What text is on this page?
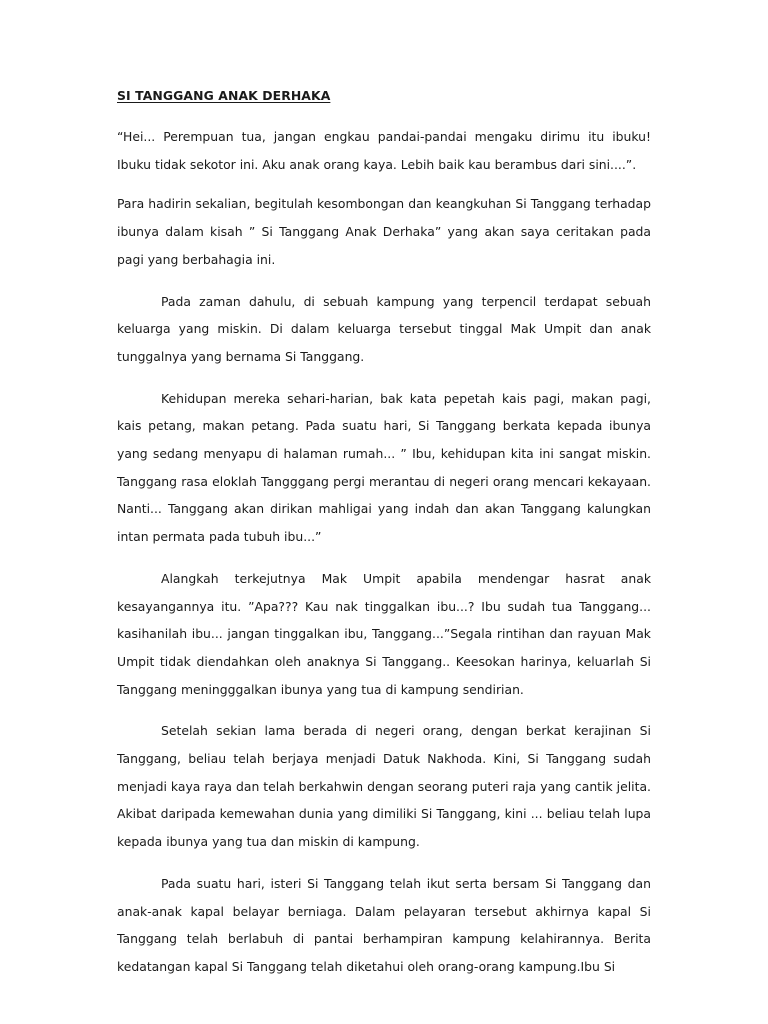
SI TANGGANG ANAK DERHAKA

“Hei... Perempuan tua, jangan engkau pandai-pandai mengaku dirimu itu ibuku! Ibuku tidak sekotor ini. Aku anak orang kaya. Lebih baik kau berambus dari sini....”.

Para hadirin sekalian, begitulah kesombongan dan keangkuhan Si Tanggang terhadap ibunya dalam kisah ” Si Tanggang Anak Derhaka” yang akan saya ceritakan pada pagi yang berbahagia ini.

Pada zaman dahulu, di sebuah kampung yang terpencil terdapat sebuah keluarga yang miskin. Di dalam keluarga tersebut tinggal Mak Umpit dan anak tunggalnya yang bernama Si Tanggang.

Kehidupan mereka sehari-harian, bak kata pepetah kais pagi, makan pagi, kais petang, makan petang. Pada suatu hari, Si Tanggang berkata kepada ibunya yang sedang menyapu di halaman rumah... ” Ibu, kehidupan kita ini sangat miskin. Tanggang rasa eloklah Tangggang pergi merantau di negeri orang mencari kekayaan. Nanti... Tanggang akan dirikan mahligai yang indah dan akan Tanggang kalungkan intan permata pada tubuh ibu...”

Alangkah terkejutnya Mak Umpit apabila mendengar hasrat anak kesayangannya itu. ”Apa??? Kau nak tinggalkan ibu...? Ibu sudah tua Tanggang... kasihanilah ibu... jangan tinggalkan ibu, Tanggang...”Segala rintihan dan rayuan Mak Umpit tidak diendahkan oleh anaknya Si Tanggang.. Keesokan harinya, keluarlah Si Tanggang meningggalkan ibunya yang tua di kampung sendirian.

Setelah sekian lama berada di negeri orang, dengan berkat kerajinan Si Tanggang, beliau telah berjaya menjadi Datuk Nakhoda. Kini, Si Tanggang sudah menjadi kaya raya dan telah berkahwin dengan seorang puteri raja yang cantik jelita. Akibat daripada kemewahan dunia yang dimiliki Si Tanggang, kini ... beliau telah lupa kepada ibunya yang tua dan miskin di kampung.

Pada suatu hari, isteri Si Tanggang telah ikut serta bersam Si Tanggang dan anak-anak kapal belayar berniaga. Dalam pelayaran tersebut akhirnya kapal Si Tanggang telah berlabuh di pantai berhampiran kampung kelahirannya. Berita kedatangan kapal Si Tanggang telah diketahui oleh orang-orang kampung.Ibu Si
